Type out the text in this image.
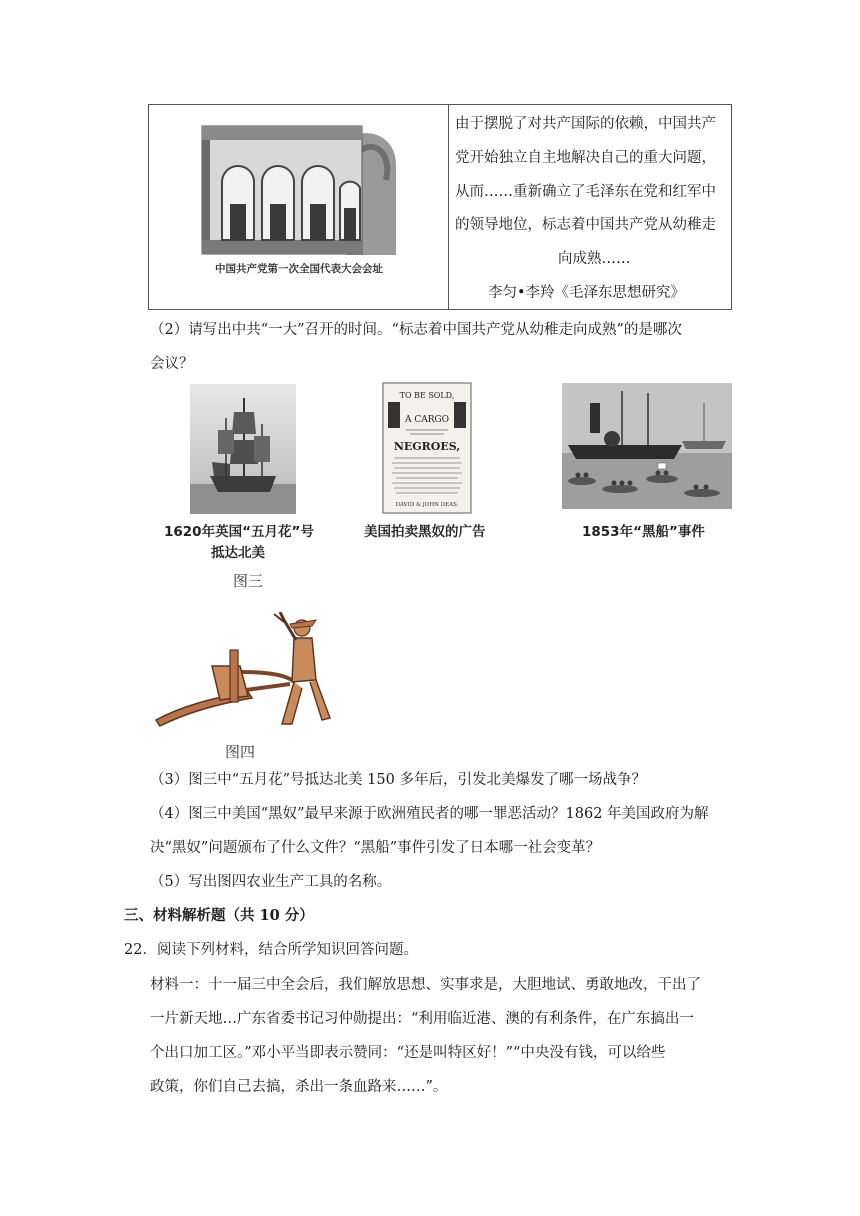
中国共产党第一次全国代表大会会址
由于摆脱了对共产国际的依赖，中国共产
党开始独立自主地解决自己的重大问题，
从而……重新确立了毛泽东在党和红军中
的领导地位，标志着中国共产党从幼稚走
向成熟……
李匀•李羚《毛泽东思想研究》
（2）请写出中共“一大”召开的时间。“标志着中国共产党从幼稚走向成熟”的是哪次
会议？
TO BE SOLD,
A CARGO
NEGROES,
DAVID & JOHN DEAS.
1620年英国“五月花”号
抵达北美
美国拍卖黑奴的广告	1853年“黑船”事件
图三
图四
（3）图三中“五月花”号抵达北美 150 多年后，引发北美爆发了哪一场战争？
（4）图三中美国“黑奴”最早来源于欧洲殖民者的哪一罪恶活动？1862 年美国政府为解
决“黑奴”问题颁布了什么文件？“黑船”事件引发了日本哪一社会变革？
（5）写出图四农业生产工具的名称。
三、材料解析题（共 10 分）
22．阅读下列材料，结合所学知识回答问题。
材料一：十一届三中全会后，我们解放思想、实事求是，大胆地试、勇敢地改，干出了
一片新天地…广东省委书记习仲勋提出：“利用临近港、澳的有利条件，在广东搞出一
个出口加工区。”邓小平当即表示赞同：“还是叫特区好！”“中央没有钱，可以给些
政策，你们自己去搞，杀出一条血路来……”。
